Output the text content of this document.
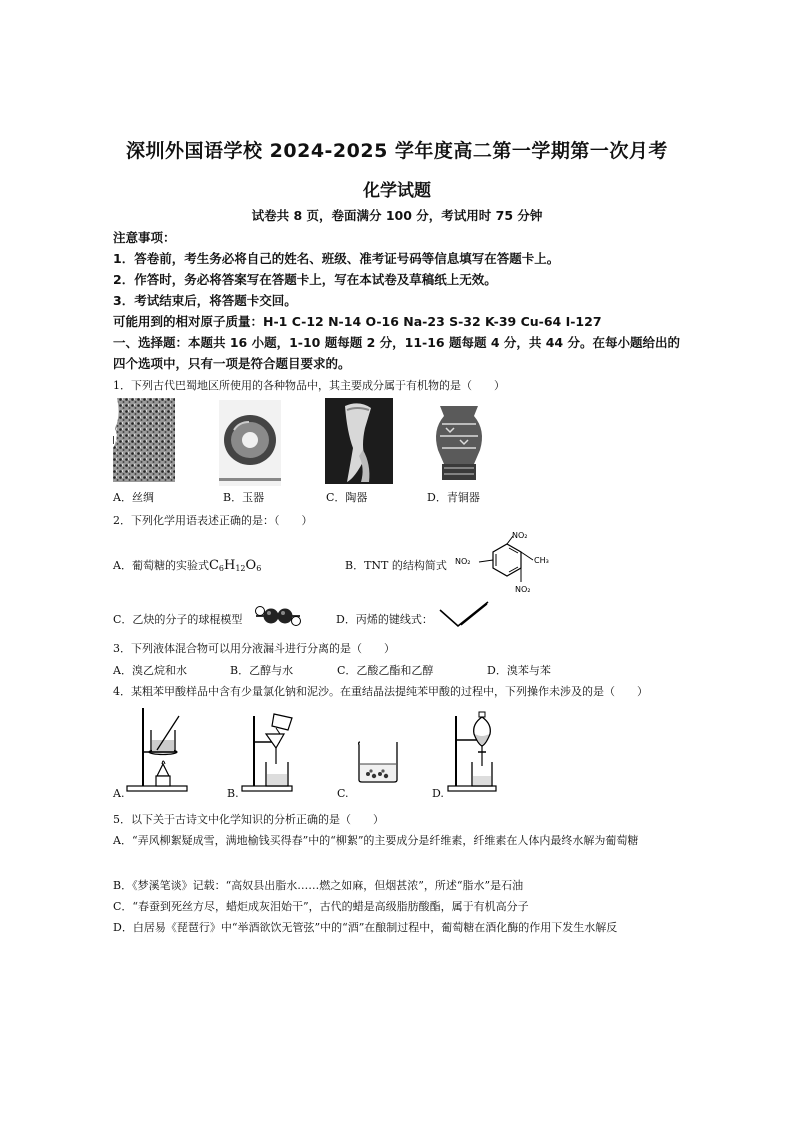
深圳外国语学校 2024-2025 学年度高二第一学期第一次月考
化学试题
试卷共 8 页，卷面满分 100 分，考试用时 75 分钟
注意事项：
1．答卷前，考生务必将自己的姓名、班级、准考证号码等信息填写在答题卡上。
2．作答时，务必将答案写在答题卡上，写在本试卷及草稿纸上无效。
3．考试结束后，将答题卡交回。
可能用到的相对原子质量：H-1 C-12 N-14 O-16 Na-23 S-32 K-39 Cu-64 I-127
一、选择题：本题共 16 小题，1-10 题每题 2 分，11-16 题每题 4 分，共 44 分。在每小题给出的四个选项中，只有一项是符合题目要求的。
1．下列古代巴蜀地区所使用的各种物品中，其主要成分属于有机物的是（　　）
A．丝绸	B．玉器	C．陶器	D．青铜器
2．下列化学用语表述正确的是：（　　）
A．葡萄糖的实验式$C_6H_{12}O_6$	B．TNT 的结构简式
NO₂
CH₃
NO₂
NO₂
C．乙炔的分子的球棍模型	D．丙烯的键线式：
3．下列液体混合物可以用分液漏斗进行分离的是（　　）
A．溴乙烷和水	B．乙醇与水	C．乙酸乙酯和乙醇	D．溴苯与苯
4．某粗苯甲酸样品中含有少量氯化钠和泥沙。在重结晶法提纯苯甲酸的过程中，下列操作未涉及的是（　　）
A.	B.	C.	D.
5．以下关于古诗文中化学知识的分析正确的是（　　）
A．“弄风柳絮疑成雪，满地榆钱买得春”中的“柳絮”的主要成分是纤维素，纤维素在人体内最终水解为葡萄糖
B．《梦溪笔谈》记载：“高奴县出脂水……燃之如麻，但烟甚浓”，所述“脂水”是石油
C．“春蚕到死丝方尽，蜡炬成灰泪始干”，古代的蜡是高级脂肪酸酯，属于有机高分子
D．白居易《琵琶行》中“举酒欲饮无管弦”中的“酒”在酿制过程中，葡萄糖在酒化酶的作用下发生水解反
